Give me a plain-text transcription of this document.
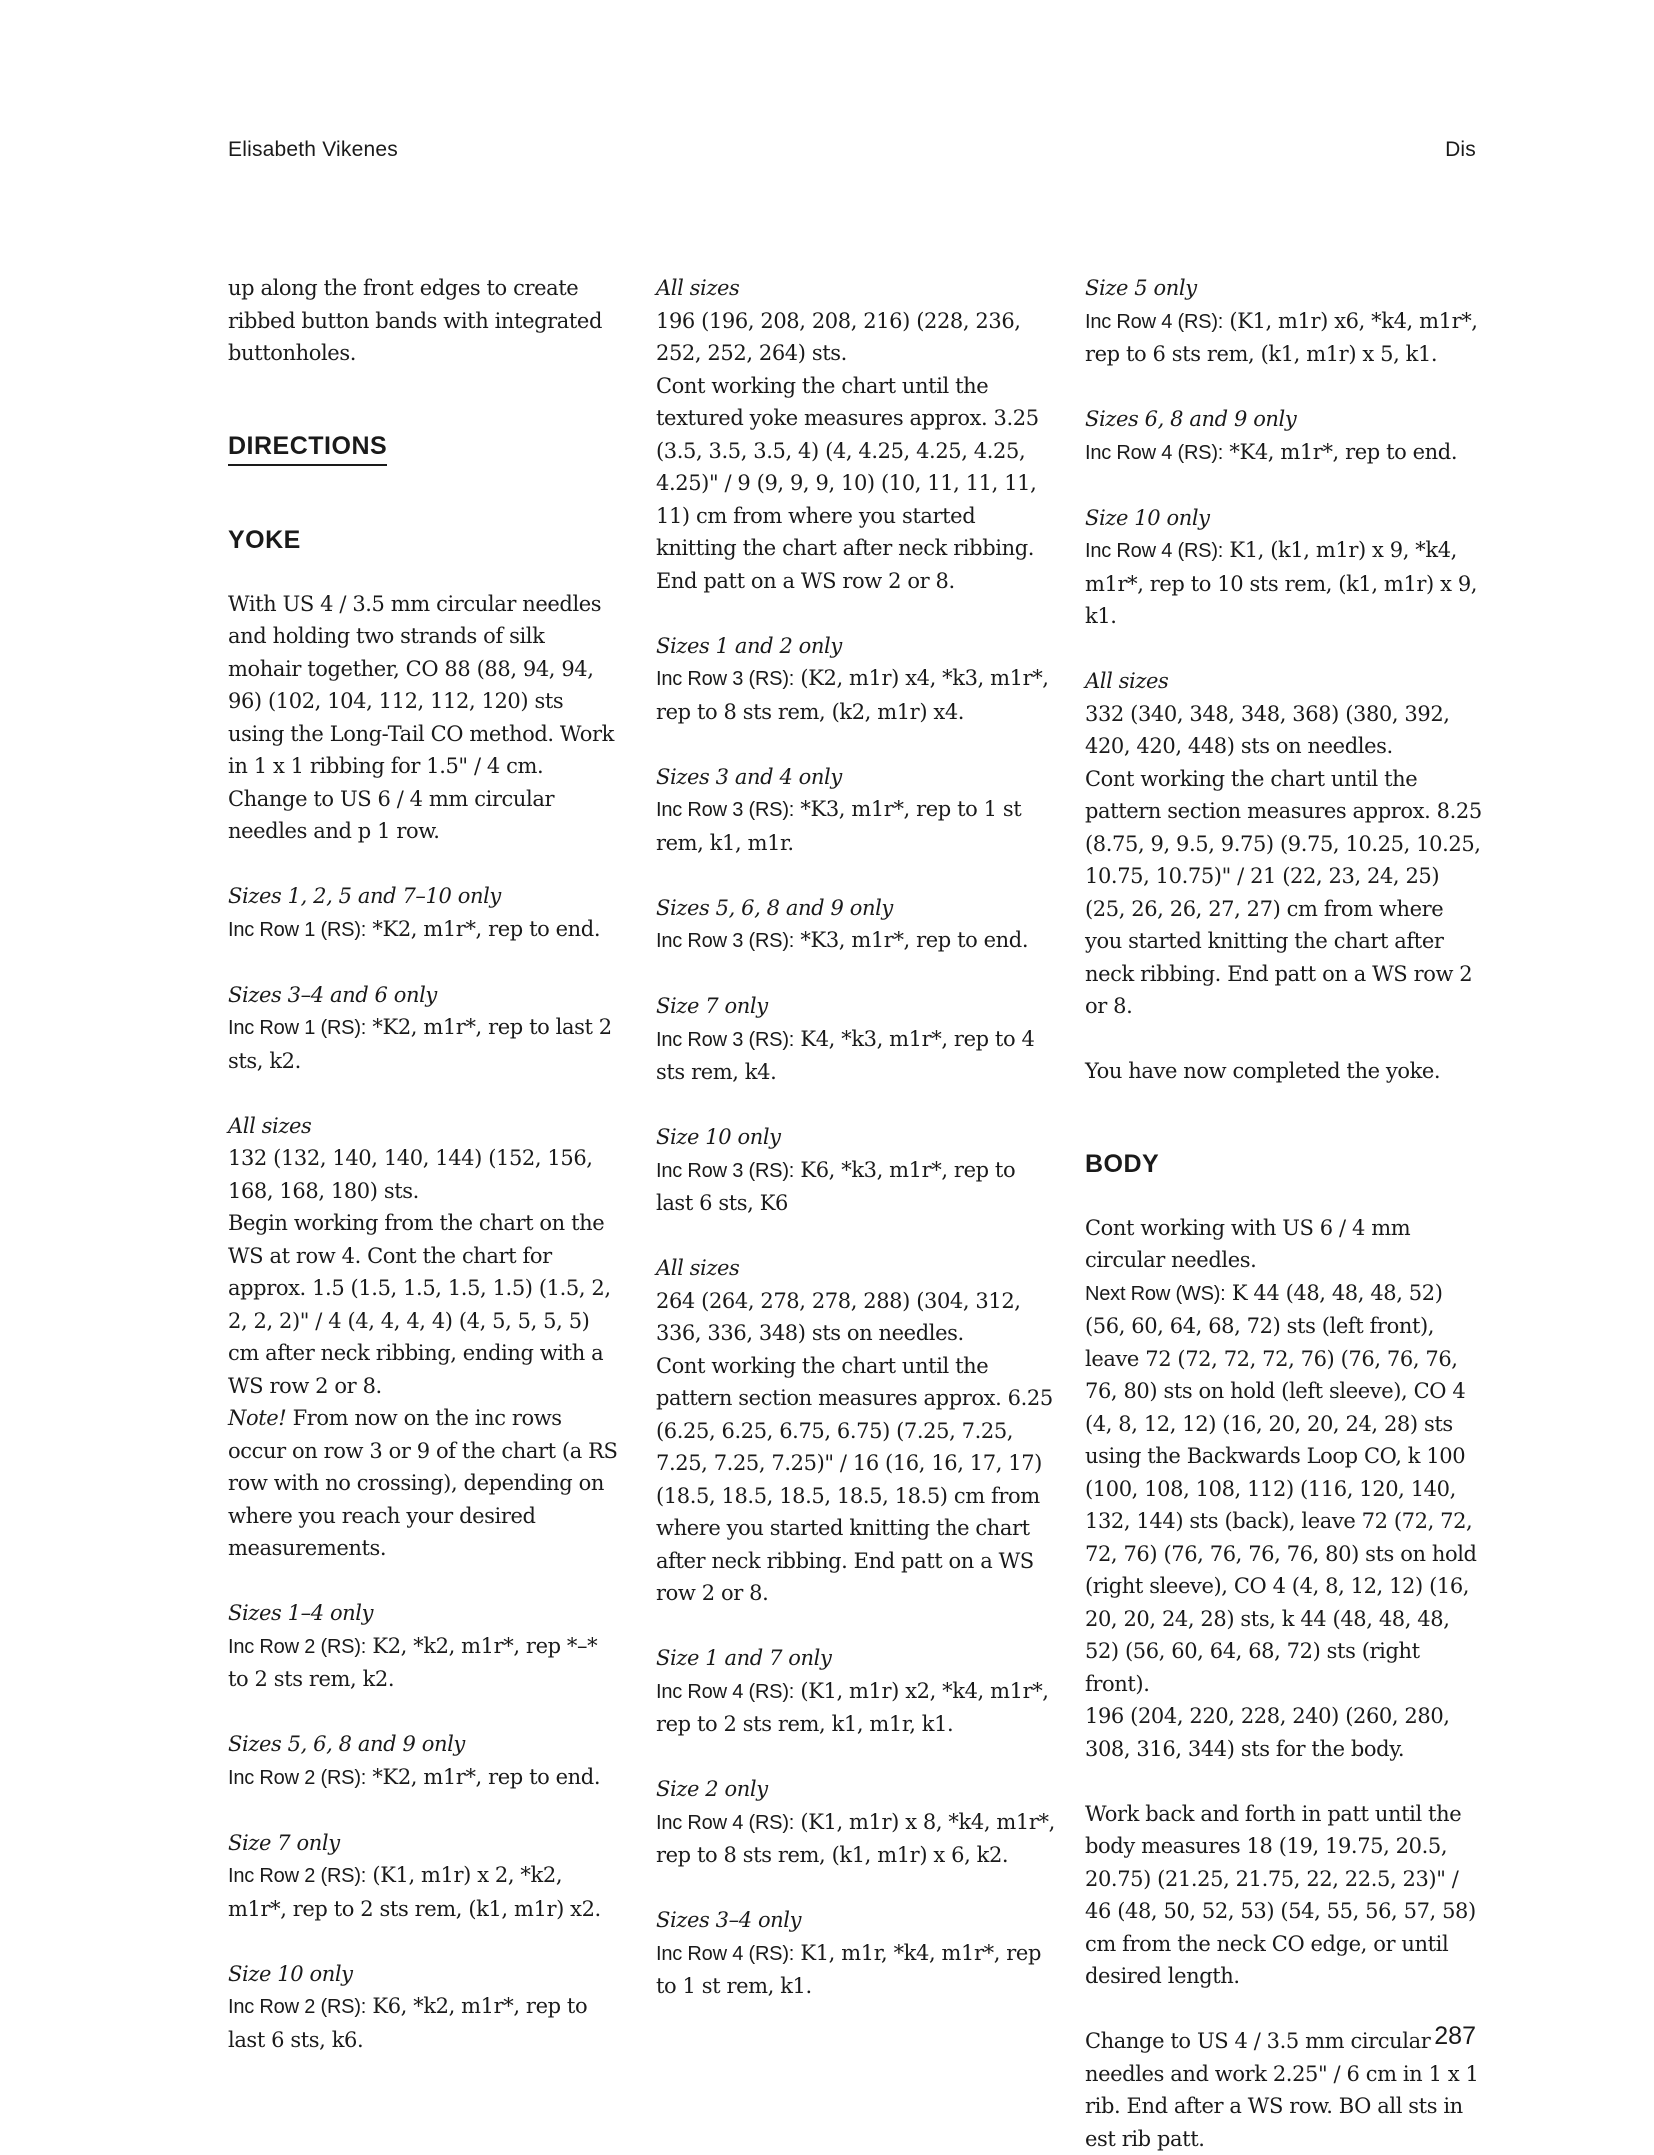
Elisabeth Vikenes	Dis

up along the front edges to create ribbed button bands with integrated buttonholes.

DIRECTIONS
YOKE

With US 4 / 3.5 mm circular needles and holding two strands of silk mohair together, CO 88 (88, 94, 94, 96) (102, 104, 112, 112, 120) sts using the Long-Tail CO method. Work in 1 x 1 ribbing for 1.5" / 4 cm. Change to US 6 / 4 mm circular needles and p 1 row.

Sizes 1, 2, 5 and 7–10 only
Inc Row 1 (RS): *K2, m1r*, rep to end.

Sizes 3–4 and 6 only
Inc Row 1 (RS): *K2, m1r*, rep to last 2 sts, k2.

All sizes
132 (132, 140, 140, 144) (152, 156, 168, 168, 180) sts.
Begin working from the chart on the WS at row 4. Cont the chart for approx. 1.5 (1.5, 1.5, 1.5, 1.5) (1.5, 2, 2, 2, 2)" / 4 (4, 4, 4, 4) (4, 5, 5, 5, 5) cm after neck ribbing, ending with a WS row 2 or 8.
Note! From now on the inc rows occur on row 3 or 9 of the chart (a RS row with no crossing), depending on where you reach your desired measurements.

Sizes 1–4 only
Inc Row 2 (RS): K2, *k2, m1r*, rep *–* to 2 sts rem, k2.

Sizes 5, 6, 8 and 9 only
Inc Row 2 (RS): *K2, m1r*, rep to end.

Size 7 only
Inc Row 2 (RS): (K1, m1r) x 2, *k2, m1r*, rep to 2 sts rem, (k1, m1r) x2.

Size 10 only
Inc Row 2 (RS): K6, *k2, m1r*, rep to last 6 sts, k6.

All sizes
196 (196, 208, 208, 216) (228, 236, 252, 252, 264) sts.
Cont working the chart until the textured yoke measures approx. 3.25 (3.5, 3.5, 3.5, 4) (4, 4.25, 4.25, 4.25, 4.25)" / 9 (9, 9, 9, 10) (10, 11, 11, 11, 11) cm from where you started knitting the chart after neck ribbing. End patt on a WS row 2 or 8.

Sizes 1 and 2 only
Inc Row 3 (RS): (K2, m1r) x4, *k3, m1r*, rep to 8 sts rem, (k2, m1r) x4.

Sizes 3 and 4 only
Inc Row 3 (RS): *K3, m1r*, rep to 1 st rem, k1, m1r.

Sizes 5, 6, 8 and 9 only
Inc Row 3 (RS): *K3, m1r*, rep to end.

Size 7 only
Inc Row 3 (RS): K4, *k3, m1r*, rep to 4 sts rem, k4.

Size 10 only
Inc Row 3 (RS): K6, *k3, m1r*, rep to last 6 sts, K6

All sizes
264 (264, 278, 278, 288) (304, 312, 336, 336, 348) sts on needles.
Cont working the chart until the pattern section measures approx. 6.25 (6.25, 6.25, 6.75, 6.75) (7.25, 7.25, 7.25, 7.25, 7.25)" / 16 (16, 16, 17, 17) (18.5, 18.5, 18.5, 18.5, 18.5) cm from where you started knitting the chart after neck ribbing. End patt on a WS row 2 or 8.

Size 1 and 7 only
Inc Row 4 (RS): (K1, m1r) x2, *k4, m1r*, rep to 2 sts rem, k1, m1r, k1.

Size 2 only
Inc Row 4 (RS): (K1, m1r) x 8, *k4, m1r*, rep to 8 sts rem, (k1, m1r) x 6, k2.

Sizes 3–4 only
Inc Row 4 (RS): K1, m1r, *k4, m1r*, rep to 1 st rem, k1.

Size 5 only
Inc Row 4 (RS): (K1, m1r) x6, *k4, m1r*, rep to 6 sts rem, (k1, m1r) x 5, k1.

Sizes 6, 8 and 9 only
Inc Row 4 (RS): *K4, m1r*, rep to end.

Size 10 only
Inc Row 4 (RS): K1, (k1, m1r) x 9, *k4, m1r*, rep to 10 sts rem, (k1, m1r) x 9, k1.

All sizes
332 (340, 348, 348, 368) (380, 392, 420, 420, 448) sts on needles.
Cont working the chart until the pattern section measures approx. 8.25 (8.75, 9, 9.5, 9.75) (9.75, 10.25, 10.25, 10.75, 10.75)" / 21 (22, 23, 24, 25) (25, 26, 26, 27, 27) cm from where you started knitting the chart after neck ribbing. End patt on a WS row 2 or 8.

You have now completed the yoke.

BODY

Cont working with US 6 / 4 mm circular needles.
Next Row (WS): K 44 (48, 48, 48, 52) (56, 60, 64, 68, 72) sts (left front), leave 72 (72, 72, 72, 76) (76, 76, 76, 76, 80) sts on hold (left sleeve), CO 4 (4, 8, 12, 12) (16, 20, 20, 24, 28) sts using the Backwards Loop CO, k 100 (100, 108, 108, 112) (116, 120, 140, 132, 144) sts (back), leave 72 (72, 72, 72, 76) (76, 76, 76, 76, 80) sts on hold (right sleeve), CO 4 (4, 8, 12, 12) (16, 20, 20, 24, 28) sts, k 44 (48, 48, 48, 52) (56, 60, 64, 68, 72) sts (right front).
196 (204, 220, 228, 240) (260, 280, 308, 316, 344) sts for the body.

Work back and forth in patt until the body measures 18 (19, 19.75, 20.5, 20.75) (21.25, 21.75, 22, 22.5, 23)" / 46 (48, 50, 52, 53) (54, 55, 56, 57, 58) cm from the neck CO edge, or until desired length.

Change to US 4 / 3.5 mm circular needles and work 2.25" / 6 cm in 1 x 1 rib. End after a WS row. BO all sts in est rib patt.

287
